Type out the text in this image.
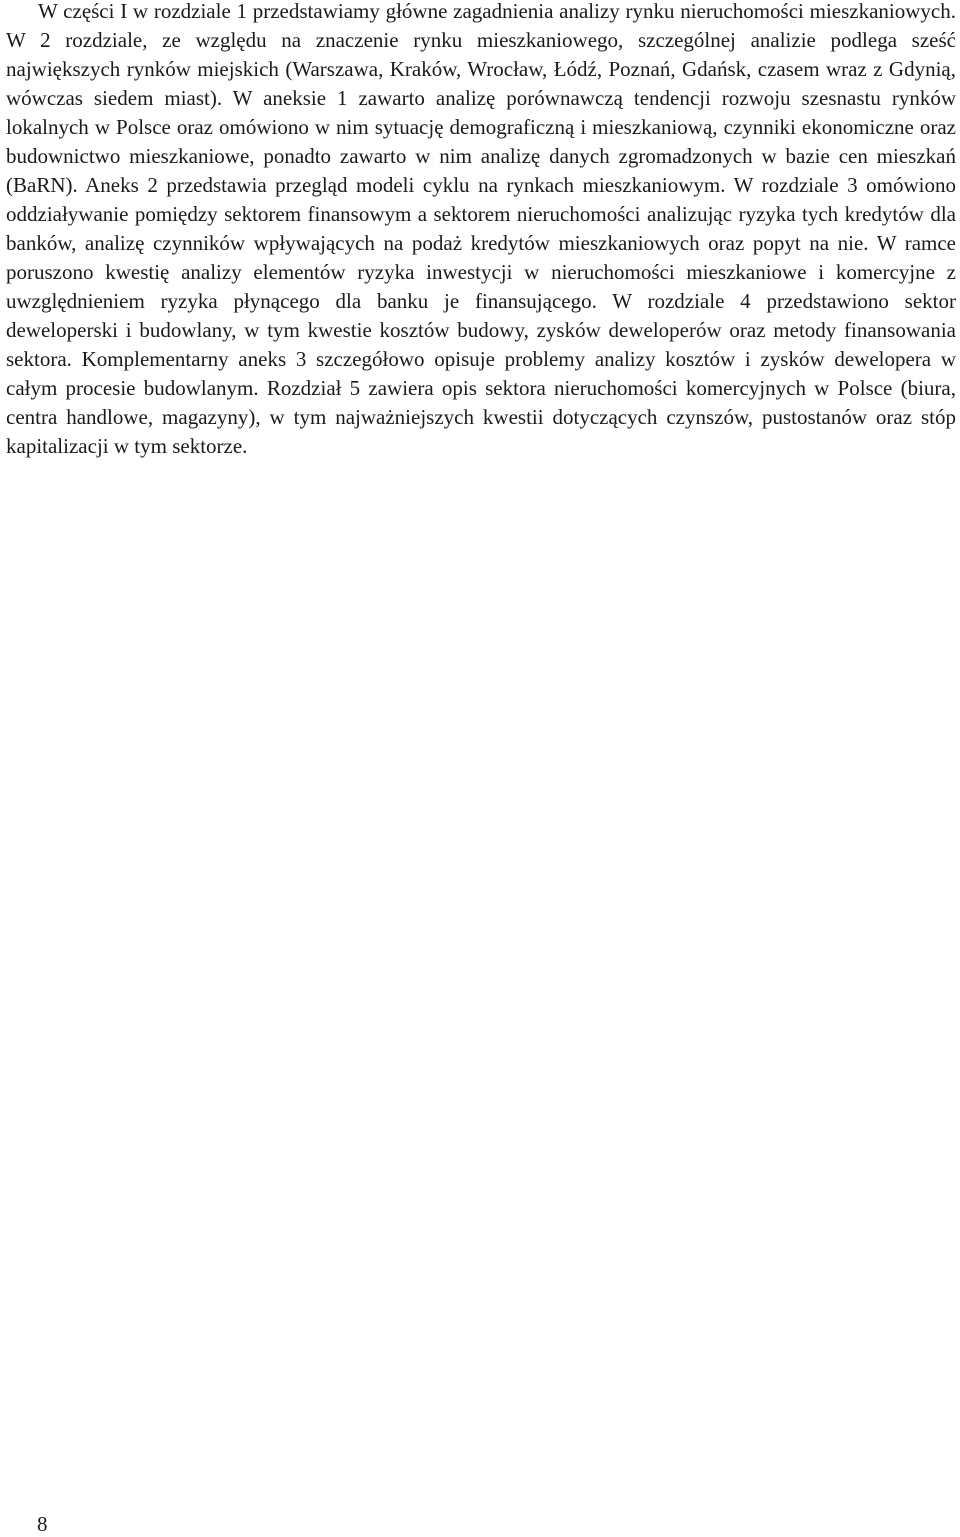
W części I w rozdziale 1 przedstawiamy główne zagadnienia analizy rynku nieruchomości mieszkaniowych. W 2 rozdziale, ze względu na znaczenie rynku mieszkaniowego, szczególnej analizie podlega sześć największych rynków miejskich (Warszawa, Kraków, Wrocław, Łódź, Poznań, Gdańsk, czasem wraz z Gdynią, wówczas siedem miast). W aneksie 1 zawarto analizę porównawczą tendencji rozwoju szesnastu rynków lokalnych w Polsce oraz omówiono w nim sytuację demograficzną i mieszkaniową, czynniki ekonomiczne oraz budownictwo mieszkaniowe, ponadto zawarto w nim analizę danych zgromadzonych w bazie cen mieszkań (BaRN). Aneks 2 przedstawia przegląd modeli cyklu na rynkach mieszkaniowym. W rozdziale 3 omówiono oddziaływanie pomiędzy sektorem finansowym a sektorem nieruchomości analizując ryzyka tych kredytów dla banków, analizę czynników wpływających na podaż kredytów mieszkaniowych oraz popyt na nie. W ramce poruszono kwestię analizy elementów ryzyka inwestycji w nieruchomości mieszkaniowe i komercyjne z uwzględnieniem ryzyka płynącego dla banku je finansującego. W rozdziale 4 przedstawiono sektor deweloperski i budowlany, w tym kwestie kosztów budowy, zysków deweloperów oraz metody finansowania sektora. Komplementarny aneks 3 szczegółowo opisuje problemy analizy kosztów i zysków dewelopera w całym procesie budowlanym. Rozdział 5 zawiera opis sektora nieruchomości komercyjnych w Polsce (biura, centra handlowe, magazyny), w tym najważniejszych kwestii dotyczących czynszów, pustostanów oraz stóp kapitalizacji w tym sektorze.

8
